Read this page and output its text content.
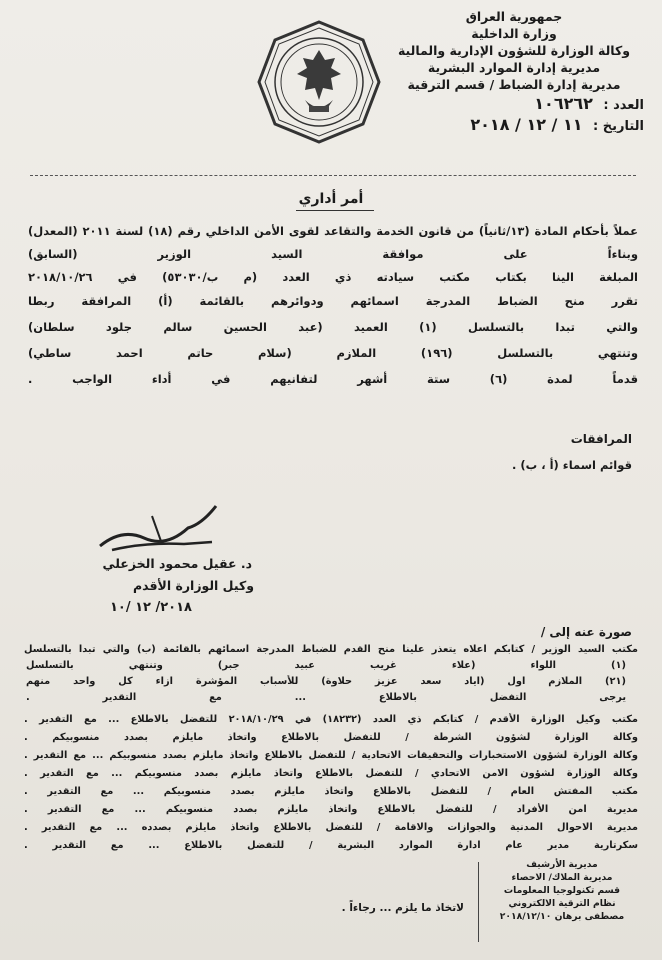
جمهورية العراق
وزارة الداخلية
وكالة الوزارة للشؤون الإدارية والمالية
مديرية إدارة الموارد البشرية
مديرية إدارة الضباط / قسم الترقية
العدد : ١٠٦٢٦٢
التاريخ : ١١ / ١٢ / ٢٠١٨
أمر أداري
عملاً بأحكام المادة (١٣/ثانياً) من قانون الخدمة والتقاعد لقوى الأمن الداخلي رقم (١٨) لسنة ٢٠١١ (المعدل)
وبناءاً على موافقة السيد الوزير (السابق)
المبلغة الينا بكتاب مكتب سيادته ذي العدد (م ب/٥٣٠٣٠) في ٢٠١٨/١٠/٢٦
تقرر منح الضباط المدرجة اسمائهم ودوائرهم بالقائمة (أ) المرافقة ربطا
والتي تبدا بالتسلسل (١) العميد (عبد الحسين سالم جلود سلطان)
وتنتهي بالتسلسل (١٩٦) الملازم (سلام حاتم احمد ساطي)
قدماً لمدة (٦) ستة أشهر لتفانيهم في أداء الواجب .
المرافقات
قوائم اسماء (أ ، ب) .
د. عقيل محمود الخزعلي
وكيل الوزارة الأقدم
٢٠١٨/ ١٢ /١٠
صورة عنه إلى /
مكتب السيد الوزير / كتابكم اعلاه يتعذر علينا منح القدم للضباط المدرجة اسمائهم بالقائمة (ب) والتي تبدا بالتسلسل
(١) اللواء (علاء غريب عبيد جبر) وتنتهي بالتسلسل
(٢١) الملازم اول (اياد سعد عزيز حلاوة) للأسباب المؤشرة ازاء كل واحد منهم
يرجى التفضل بالاطلاع ... مع التقدير .
مكتب وكيل الوزارة الأقدم / كتابكم ذي العدد (١٨٢٣٢) في ٢٠١٨/١٠/٢٩ للتفضل بالاطلاع ... مع التقدير .
وكالة الوزارة لشؤون الشرطة / للتفضل بالاطلاع واتخاذ مايلزم بصدد منسوبيكم .
وكالة الوزارة لشؤون الاستخبارات والتحقيقات الاتحادية / للتفضل بالاطلاع واتخاذ مايلزم بصدد منسوبيكم ... مع التقدير .
وكالة الوزارة لشؤون الامن الاتحادي / للتفضل بالاطلاع واتخاذ مايلزم بصدد منسوبيكم ... مع التقدير .
مكتب المفتش العام / للتفضل بالاطلاع واتخاذ مايلزم بصدد منسوبيكم ... مع التقدير .
مديرية امن الأفراد / للتفضل بالاطلاع واتخاذ مايلزم بصدد منسوبيكم ... مع التقدير .
مديرية الاحوال المدنية والجوازات والاقامة / للتفضل بالاطلاع واتخاذ مايلزم بصدده ... مع التقدير .
سكرتارية مدير عام ادارة الموارد البشرية / للتفضل بالاطلاع ... مع التقدير .
مديرية الأرشيف
مديرية الملاك/ الاحصاء
قسم تكنولوجيا المعلومات
نظام الترقية الالكتروني
مصطفى برهان ٢٠١٨/١٢/١٠
لاتخاذ ما يلزم ... رجاءاً .
